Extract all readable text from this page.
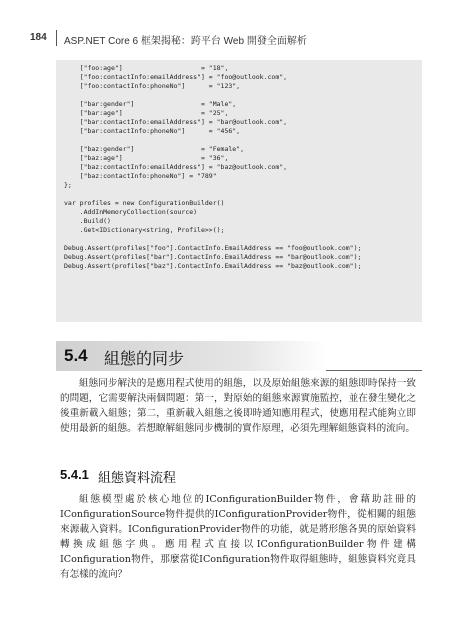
184 ASP.NET Core 6 框架揭秘：跨平台 Web 開發全面解析
["foo:age"]                    = "18",
["foo:contactInfo:emailAddress"] = "foo@outlook.com",
["foo:contactInfo:phoneNo"]      = "123",
["bar:gender"]                 = "Male",
["bar:age"]                    = "25",
["bar:contactInfo:emailAddress"] = "bar@outlook.com",
["bar:contactInfo:phoneNo"]      = "456",
["baz:gender"]                 = "Female",
["baz:age"]                    = "36",
["baz:contactInfo:emailAddress"] = "baz@outlook.com",
["baz:contactInfo:phoneNo"] = "789"
};
var profiles = new ConfigurationBuilder()
.AddInMemoryCollection(source)
.Build()
.Get<IDictionary<string, Profile>>();
Debug.Assert(profiles["foo"].ContactInfo.EmailAddress == "foo@outlook.com");
Debug.Assert(profiles["bar"].ContactInfo.EmailAddress == "bar@outlook.com");
Debug.Assert(profiles["baz"].ContactInfo.EmailAddress == "baz@outlook.com");
5.4 組態的同步

組態同步解決的是應用程式使用的組態，以及原始組態來源的組態即時保持一致的問題，它需要解決兩個問題：第一，對原始的組態來源實施監控，並在發生變化之後重新載入組態；第二，重新載入組態之後即時通知應用程式，使應用程式能夠立即使用最新的組態。若想瞭解組態同步機制的實作原理，必須先理解組態資料的流向。

5.4.1 組態資料流程

組態模型處於核心地位的IConfigurationBuilder物件，會藉助註冊的IConfigurationSource物件提供的IConfigurationProvider物件，從相關的組態來源載入資料。IConfigurationProvider物件的功能，就是將形態各異的原始資料轉換成組態字典。應用程式直接以IConfigurationBuilder物件建構IConfiguration物件，那麼當從IConfiguration物件取得組態時，組態資料究竟具有怎樣的流向？
